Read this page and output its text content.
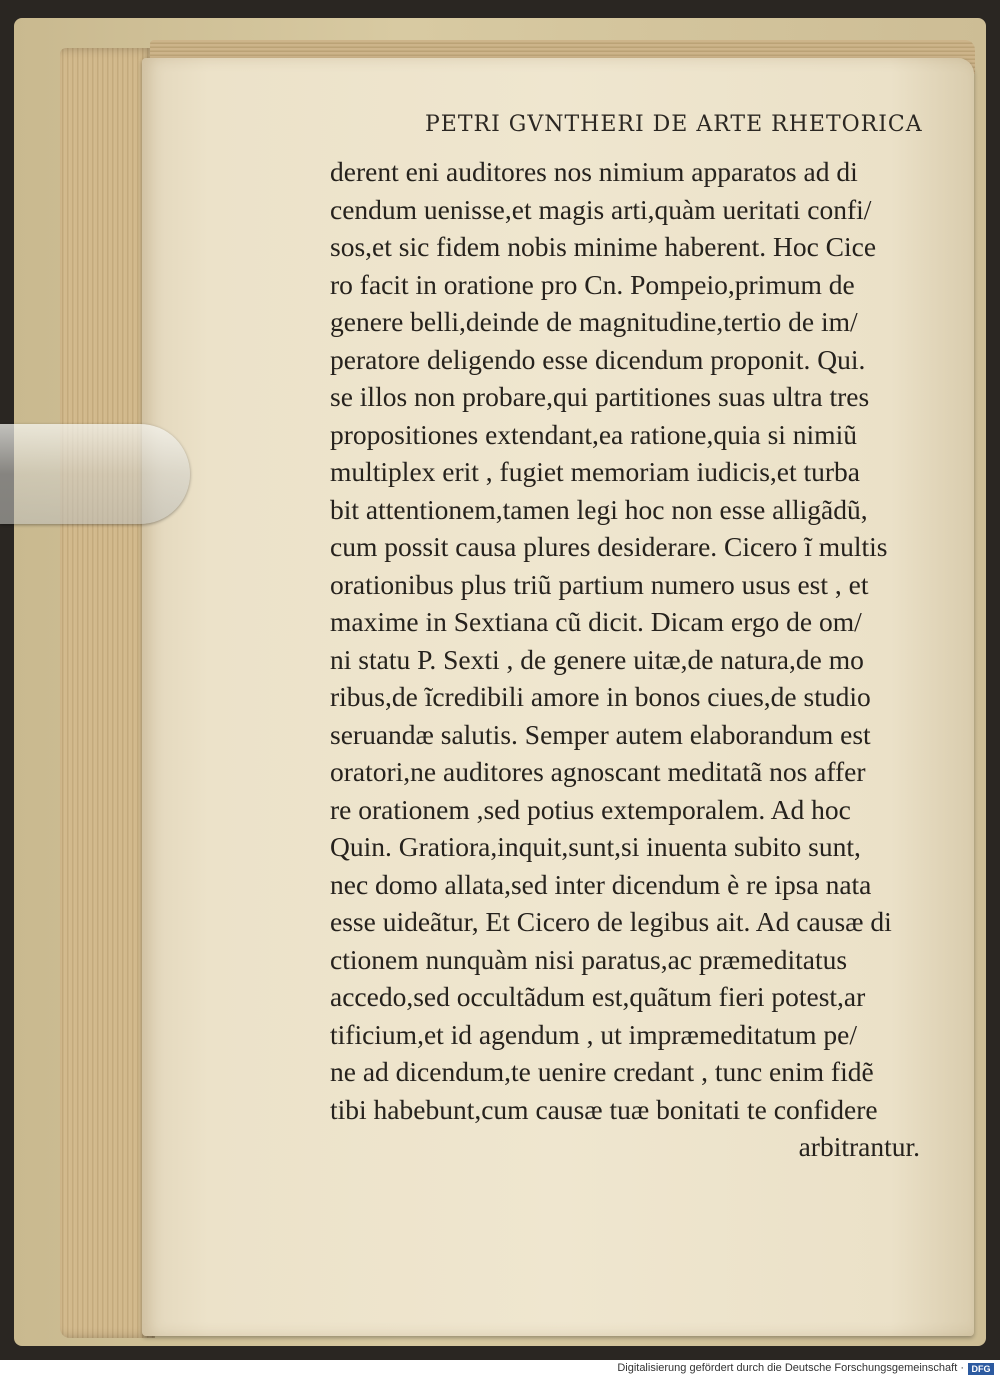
PETRI GVNTHERI DE ARTE RHETORICA
derent eni auditores nos nimium apparatos ad di
cendum uenisse,et magis arti,quàm ueritati confi/
sos,et sic fidem nobis minime haberent. Hoc Cice
ro facit in oratione pro Cn. Pompeio,primum de
genere belli,deinde de magnitudine,tertio de im/
peratore deligendo esse dicendum proponit. Qui.
se illos non probare,qui partitiones suas ultra tres
propositiones extendant,ea ratione,quia si nimiũ
multiplex erit , fugiet memoriam iudicis,et turba
bit attentionem,tamen legi hoc non esse alligãdũ,
cum possit causa plures desiderare. Cicero ĩ multis
orationibus plus triũ partium numero usus est , et
maxime in Sextiana cũ dicit. Dicam ergo de om/
ni statu P. Sexti , de genere uitæ,de natura,de mo
ribus,de ĩcredibili amore in bonos ciues,de studio
seruandæ salutis. Semper autem elaborandum est
oratori,ne auditores agnoscant meditatã nos affer
re orationem ,sed potius extemporalem. Ad hoc
Quin. Gratiora,inquit,sunt,si inuenta subito sunt,
nec domo allata,sed inter dicendum è re ipsa nata
esse uideãtur, Et Cicero de legibus ait. Ad causæ di
ctionem nunquàm nisi paratus,ac præmeditatus
accedo,sed occultãdum est,quãtum fieri potest,ar
tificium,et id agendum , ut impræmeditatum pe/
ne ad dicendum,te uenire credant , tunc enim fidẽ
tibi habebunt,cum causæ tuæ bonitati te confidere
arbitrantur.
Digitalisierung gefördert durch die Deutsche Forschungsgemeinschaft · DFG
